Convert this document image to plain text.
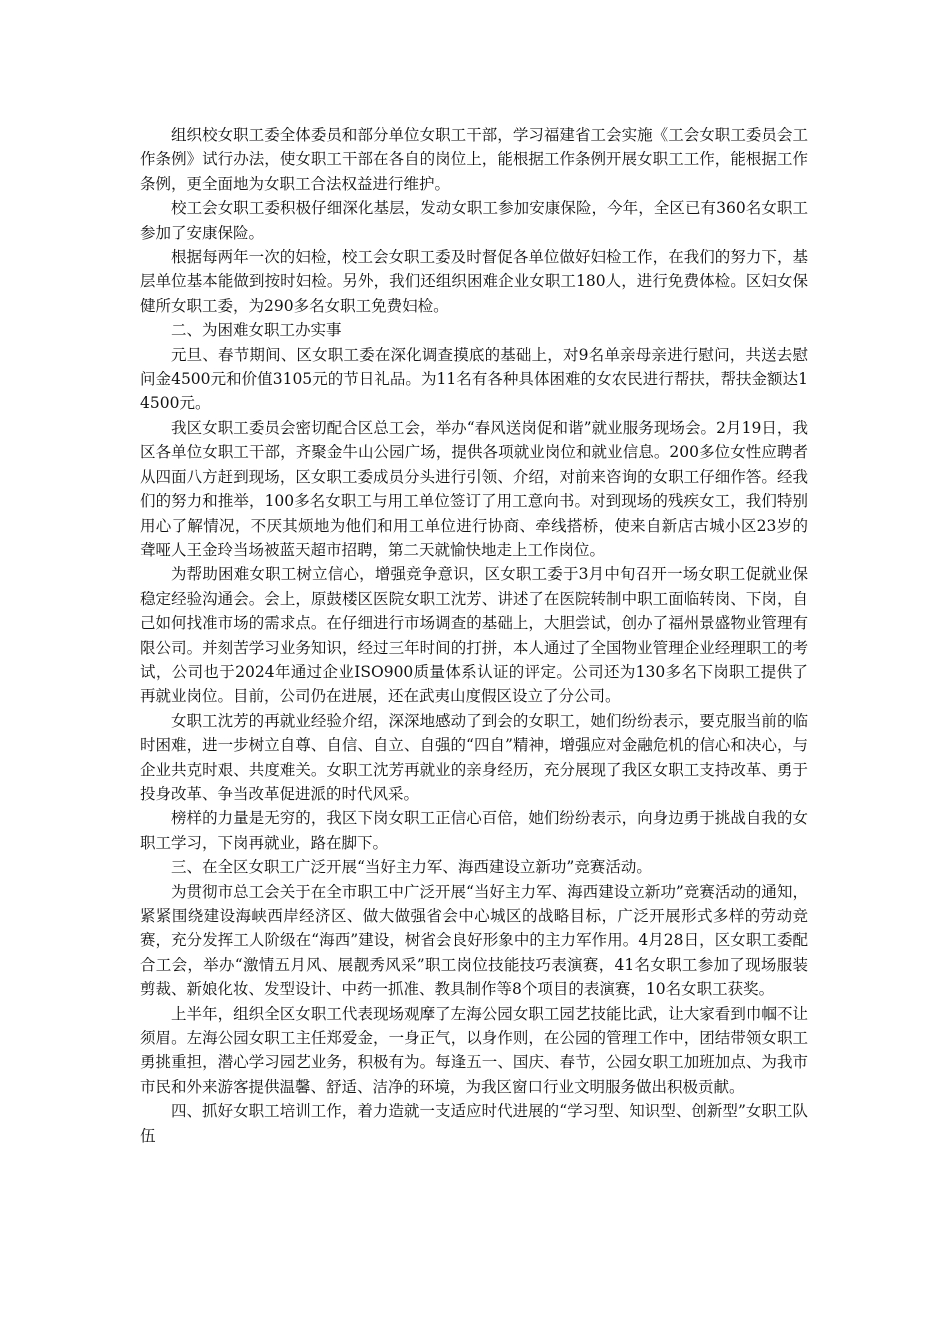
组织校女职工委全体委员和部分单位女职工干部，学习福建省工会实施《工会女职工委员会工作条例》试行办法，使女职工干部在各自的岗位上，能根据工作条例开展女职工工作，能根据工作条例，更全面地为女职工合法权益进行维护。

校工会女职工委积极仔细深化基层，发动女职工参加安康保险，今年，全区已有360名女职工参加了安康保险。

根据每两年一次的妇检，校工会女职工委及时督促各单位做好妇检工作，在我们的努力下，基层单位基本能做到按时妇检。另外，我们还组织困难企业女职工180人，进行免费体检。区妇女保健所女职工委，为290多名女职工免费妇检。

二、为困难女职工办实事

元旦、春节期间、区女职工委在深化调查摸底的基础上，对9名单亲母亲进行慰问，共送去慰问金4500元和价值3105元的节日礼品。为11名有各种具体困难的女农民进行帮扶，帮扶金额达14500元。

我区女职工委员会密切配合区总工会，举办“春风送岗促和谐”就业服务现场会。2月19日，我区各单位女职工干部，齐聚金牛山公园广场，提供各项就业岗位和就业信息。200多位女性应聘者从四面八方赶到现场，区女职工委成员分头进行引领、介绍，对前来咨询的女职工仔细作答。经我们的努力和推举，100多名女职工与用工单位签订了用工意向书。对到现场的残疾女工，我们特别用心了解情况，不厌其烦地为他们和用工单位进行协商、牵线搭桥，使来自新店古城小区23岁的聋哑人王金玲当场被蓝天超市招聘，第二天就愉快地走上工作岗位。

为帮助困难女职工树立信心，增强竞争意识，区女职工委于3月中旬召开一场女职工促就业保稳定经验沟通会。会上，原鼓楼区医院女职工沈芳、讲述了在医院转制中职工面临转岗、下岗，自己如何找准市场的需求点。在仔细进行市场调查的基础上，大胆尝试，创办了福州景盛物业管理有限公司。并刻苦学习业务知识，经过三年时间的打拼，本人通过了全国物业管理企业经理职工的考试，公司也于2024年通过企业ISO900质量体系认证的评定。公司还为130多名下岗职工提供了再就业岗位。目前，公司仍在进展，还在武夷山度假区设立了分公司。

女职工沈芳的再就业经验介绍，深深地感动了到会的女职工，她们纷纷表示，要克服当前的临时困难，进一步树立自尊、自信、自立、自强的“四自”精神，增强应对金融危机的信心和决心，与企业共克时艰、共度难关。女职工沈芳再就业的亲身经历，充分展现了我区女职工支持改革、勇于投身改革、争当改革促进派的时代风采。

榜样的力量是无穷的，我区下岗女职工正信心百倍，她们纷纷表示，向身边勇于挑战自我的女职工学习，下岗再就业，路在脚下。

三、在全区女职工广泛开展“当好主力军、海西建设立新功”竞赛活动。

为贯彻市总工会关于在全市职工中广泛开展“当好主力军、海西建设立新功”竞赛活动的通知，紧紧围绕建设海峡西岸经济区、做大做强省会中心城区的战略目标，广泛开展形式多样的劳动竞赛，充分发挥工人阶级在“海西”建设，树省会良好形象中的主力军作用。4月28日，区女职工委配合工会，举办“激情五月风、展靓秀风采”职工岗位技能技巧表演赛，41名女职工参加了现场服装剪裁、新娘化妆、发型设计、中药一抓准、教具制作等8个项目的表演赛，10名女职工获奖。

上半年，组织全区女职工代表现场观摩了左海公园女职工园艺技能比武，让大家看到巾帼不让须眉。左海公园女职工主任郑爱金，一身正气，以身作则，在公园的管理工作中，团结带领女职工勇挑重担，潜心学习园艺业务，积极有为。每逢五一、国庆、春节，公园女职工加班加点、为我市市民和外来游客提供温馨、舒适、洁净的环境，为我区窗口行业文明服务做出积极贡献。

四、抓好女职工培训工作，着力造就一支适应时代进展的“学习型、知识型、创新型”女职工队伍
